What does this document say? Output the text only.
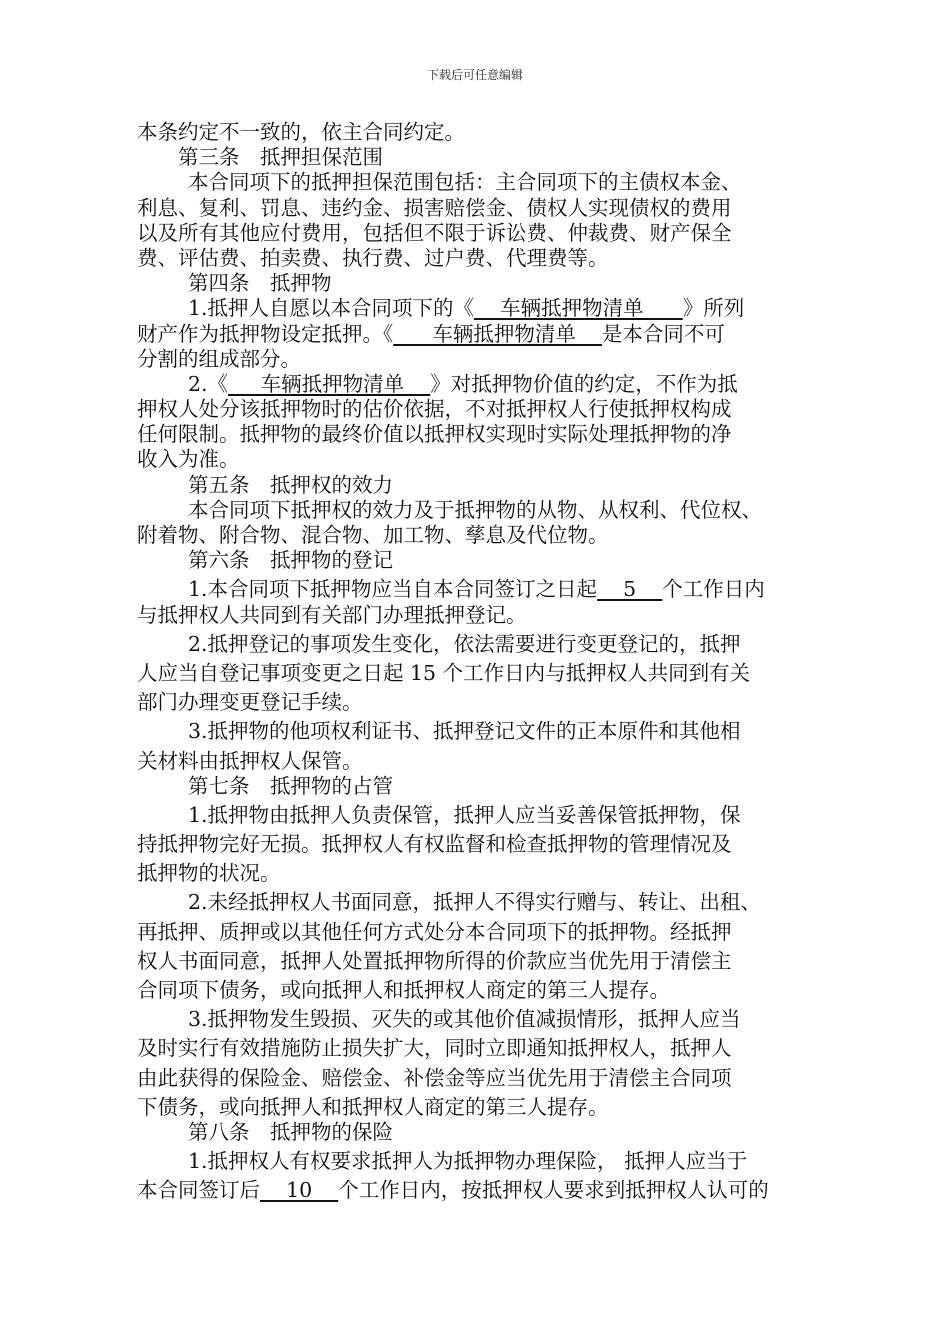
下载后可任意编辑
本条约定不一致的，依主合同约定。
第三条　抵押担保范围
本合同项下的抵押担保范围包括：主合同项下的主债权本金、
利息、复利、罚息、违约金、损害赔偿金、债权人实现债权的费用
以及所有其他应付费用，包括但不限于诉讼费、仲裁费、财产保全
费、评估费、拍卖费、执行费、过户费、代理费等。
第四条　抵押物
1.抵押人自愿以本合同项下的《    车辆抵押物清单      》所列
财产作为抵押物设定抵押。《      车辆抵押物清单    是本合同不可
分割的组成部分。
2.《     车辆抵押物清单    》对抵押物价值的约定，不作为抵
押权人处分该抵押物时的估价依据，不对抵押权人行使抵押权构成
任何限制。抵押物的最终价值以抵押权实现时实际处理抵押物的净
收入为准。
第五条　抵押权的效力
本合同项下抵押权的效力及于抵押物的从物、从权利、代位权、
附着物、附合物、混合物、加工物、孳息及代位物。
第六条　抵押物的登记
1.本合同项下抵押物应当自本合同签订之日起    5    个工作日内
与抵押权人共同到有关部门办理抵押登记。
2.抵押登记的事项发生变化，依法需要进行变更登记的，抵押
人应当自登记事项变更之日起 15 个工作日内与抵押权人共同到有关
部门办理变更登记手续。
3.抵押物的他项权利证书、抵押登记文件的正本原件和其他相
关材料由抵押权人保管。
第七条　抵押物的占管
1.抵押物由抵押人负责保管，抵押人应当妥善保管抵押物，保
持抵押物完好无损。抵押权人有权监督和检查抵押物的管理情况及
抵押物的状况。
2.未经抵押权人书面同意，抵押人不得实行赠与、转让、出租、
再抵押、质押或以其他任何方式处分本合同项下的抵押物。经抵押
权人书面同意，抵押人处置抵押物所得的价款应当优先用于清偿主
合同项下债务，或向抵押人和抵押权人商定的第三人提存。
3.抵押物发生毁损、灭失的或其他价值减损情形，抵押人应当
及时实行有效措施防止损失扩大，同时立即通知抵押权人，抵押人
由此获得的保险金、赔偿金、补偿金等应当优先用于清偿主合同项
下债务，或向抵押人和抵押权人商定的第三人提存。
第八条　抵押物的保险
1.抵押权人有权要求抵押人为抵押物办理保险， 抵押人应当于
本合同签订后    10    个工作日内，按抵押权人要求到抵押权人认可的
